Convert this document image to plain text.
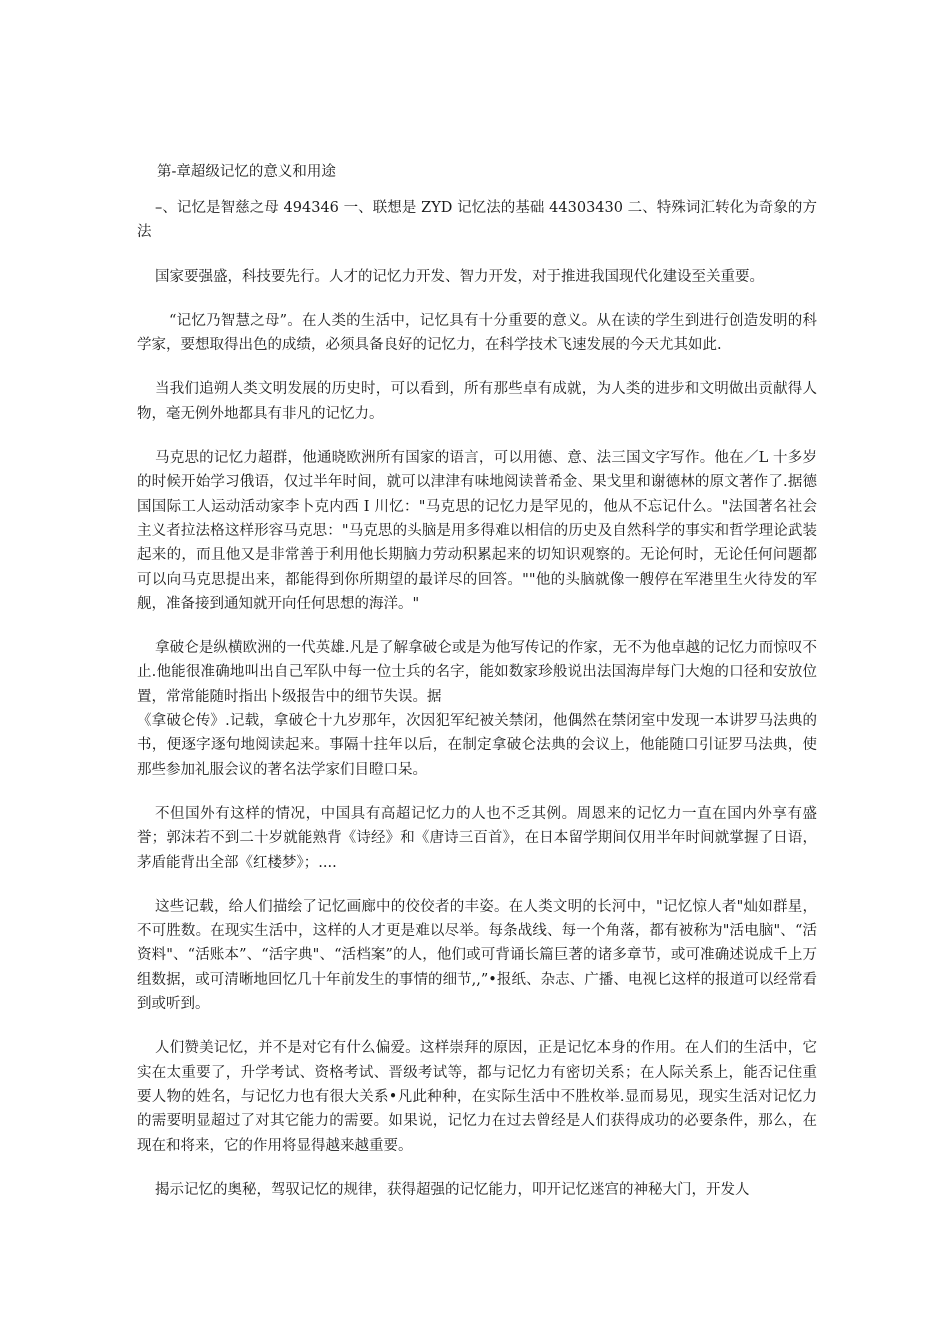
第-章超级记忆的意义和用途

–、记忆是智慈之母 494346 一、联想是 ZYD 记忆法的基础 44303430 二、特殊词汇转化为奇象的方法

国家要强盛，科技要先行。人才的记忆力开发、智力开发，对于推进我国现代化建设至关重要。

“记忆乃智慧之母”。在人类的生活中，记忆具有十分重要的意义。从在读的学生到进行创造发明的科学家，要想取得出色的成绩，必须具备良好的记忆力，在科学技术飞速发展的今天尤其如此.

当我们追朔人类文明发展的历史时，可以看到，所有那些卓有成就，为人类的进步和文明做出贡献得人物，毫无例外地都具有非凡的记忆力。

马克思的记忆力超群，他通晓欧洲所有国家的语言，可以用德、意、法三国文字写作。他在／L 十多岁的时候开始学习俄语，仅过半年时间，就可以津津有味地阅读普希金、果戈里和谢德林的原文著作了.据德国国际工人运动活动家李卜克内西 I 川忆："马克思的记忆力是罕见的，他从不忘记什么。"法国著名社会主义者拉法格这样形容马克思："马克思的头脑是用多得难以相信的历史及自然科学的事实和哲学理论武装起来的，而且他又是非常善于利用他长期脑力劳动积累起来的切知识观察的。无论何时，无论任何问题都可以向马克思提出来，都能得到你所期望的最详尽的回答。""他的头脑就像一艘停在军港里生火待发的军舰，准备接到通知就开向任何思想的海洋。"

拿破仑是纵横欧洲的一代英雄.凡是了解拿破仑或是为他写传记的作家，无不为他卓越的记忆力而惊叹不止.他能很准确地叫出自己军队中每一位士兵的名字，能如数家珍般说出法国海岸每门大炮的口径和安放位置，常常能随时指出卜级报告中的细节失误。据

《拿破仑传》.记载，拿破仑十九岁那年，次因犯军纪被关禁闭，他偶然在禁闭室中发现一本讲罗马法典的书，便逐字逐句地阅读起来。事隔十拄年以后，在制定拿破仑法典的会议上，他能随口引证罗马法典，使那些参加礼服会议的著名法学家们目瞪口呆。

不但国外有这样的情况，中国具有高超记忆力的人也不乏其例。周恩来的记忆力一直在国内外享有盛誉；郭沫若不到二十岁就能熟背《诗经》和《唐诗三百首》，在日本留学期间仅用半年时间就掌握了日语，茅盾能背出全部《红楼梦》；....

这些记载，给人们描绘了记忆画廊中的佼佼者的丰姿。在人类文明的长河中，"记忆惊人者"灿如群星，不可胜数。在现实生活中，这样的人才更是难以尽举。每条战线、每一个角落，都有被称为"活电脑"、“活资料"、“活账本”、“活字典"、“活档案”的人，他们或可背诵长篇巨著的诸多章节，或可准确述说成千上万组数据，或可清晰地回忆几十年前发生的事情的细节,,”•报纸、杂志、广播、电视匕这样的报道可以经常看到或听到。

人们赞美记忆，并不是对它有什么偏爱。这样崇拜的原因，正是记忆本身的作用。在人们的生活中，它实在太重要了，升学考试、资格考试、晋级考试等，都与记忆力有密切关系；在人际关系上，能否记住重要人物的姓名，与记忆力也有很大关系•凡此种种，在实际生活中不胜枚举.显而易见，现实生活对记忆力的需要明显超过了对其它能力的需要。如果说，记忆力在过去曾经是人们获得成功的必要条件，那么，在现在和将来，它的作用将显得越来越重要。

揭示记忆的奥秘，驾驭记忆的规律，获得超强的记忆能力，叩开记忆迷宫的神秘大门，开发人
